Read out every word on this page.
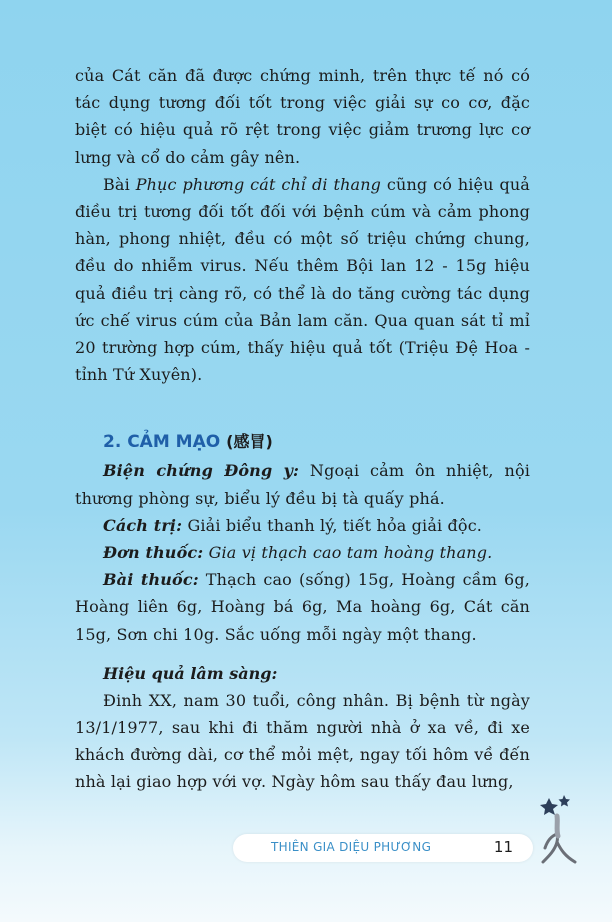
của Cát căn đã được chứng minh, trên thực tế nó có tác dụng tương đối tốt trong việc giải sự co cơ, đặc biệt có hiệu quả rõ rệt trong việc giảm trương lực cơ lưng và cổ do cảm gây nên.

Bài Phục phương cát chỉ di thang cũng có hiệu quả điều trị tương đối tốt đối với bệnh cúm và cảm phong hàn, phong nhiệt, đều có một số triệu chứng chung, đều do nhiễm virus. Nếu thêm Bội lan 12 - 15g hiệu quả điều trị càng rõ, có thể là do tăng cường tác dụng ức chế virus cúm của Bản lam căn. Qua quan sát tỉ mỉ 20 trường hợp cúm, thấy hiệu quả tốt (Triệu Đệ Hoa - tỉnh Tứ Xuyên).

2. CẢM MẠO (感冒)

Biện chứng Đông y: Ngoại cảm ôn nhiệt, nội thương phòng sự, biểu lý đều bị tà quấy phá.

Cách trị: Giải biểu thanh lý, tiết hỏa giải độc.

Đơn thuốc: Gia vị thạch cao tam hoàng thang.

Bài thuốc: Thạch cao (sống) 15g, Hoàng cầm 6g, Hoàng liên 6g, Hoàng bá 6g, Ma hoàng 6g, Cát căn 15g, Sơn chi 10g. Sắc uống mỗi ngày một thang.

Hiệu quả lâm sàng:

Đinh XX, nam 30 tuổi, công nhân. Bị bệnh từ ngày 13/1/1977, sau khi đi thăm người nhà ở xa về, đi xe khách đường dài, cơ thể mỏi mệt, ngay tối hôm về đến nhà lại giao hợp với vợ. Ngày hôm sau thấy đau lưng,

THIÊN GIA DIỆU PHƯƠNG	11
